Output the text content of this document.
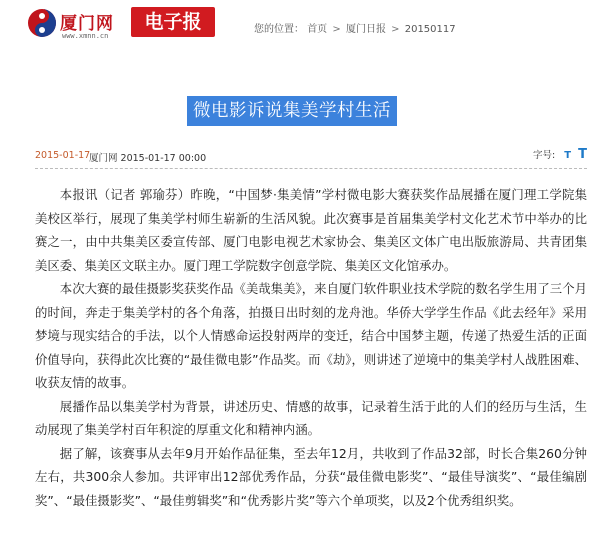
厦门网
www.xmnn.cn
电子报	您的位置： 首页 > 厦门日报 > 20150117
微电影诉说集美学村生活
2015-01-17
厦门网 2015-01-17 00:00	字号: T T

本报讯（记者 郭瑜芬）昨晚，“中国梦·集美情”学村微电影大赛获奖作品展播在厦门理工学院集美校区举行，展现了集美学村师生崭新的生活风貌。此次赛事是首届集美学村文化艺术节中举办的比赛之一，由中共集美区委宣传部、厦门电影电视艺术家协会、集美区文体广电出版旅游局、共青团集美区委、集美区文联主办。厦门理工学院数字创意学院、集美区文化馆承办。

本次大赛的最佳摄影奖获奖作品《美哉集美》，来自厦门软件职业技术学院的数名学生用了三个月的时间，奔走于集美学村的各个角落，拍摄日出时刻的龙舟池。华侨大学学生作品《此去经年》采用梦境与现实结合的手法，以个人情感命运投射两岸的变迁，结合中国梦主题，传递了热爱生活的正面价值导向，获得此次比赛的“最佳微电影”作品奖。而《劫》，则讲述了逆境中的集美学村人战胜困难、收获友情的故事。

展播作品以集美学村为背景，讲述历史、情感的故事，记录着生活于此的人们的经历与生活，生动展现了集美学村百年积淀的厚重文化和精神内涵。

据了解，该赛事从去年9月开始作品征集，至去年12月，共收到了作品32部，时长合集260分钟左右，共300余人参加。共评审出12部优秀作品，分获“最佳微电影奖”、“最佳导演奖”、“最佳编剧奖”、“最佳摄影奖”、“最佳剪辑奖”和“优秀影片奖”等六个单项奖，以及2个优秀组织奖。
